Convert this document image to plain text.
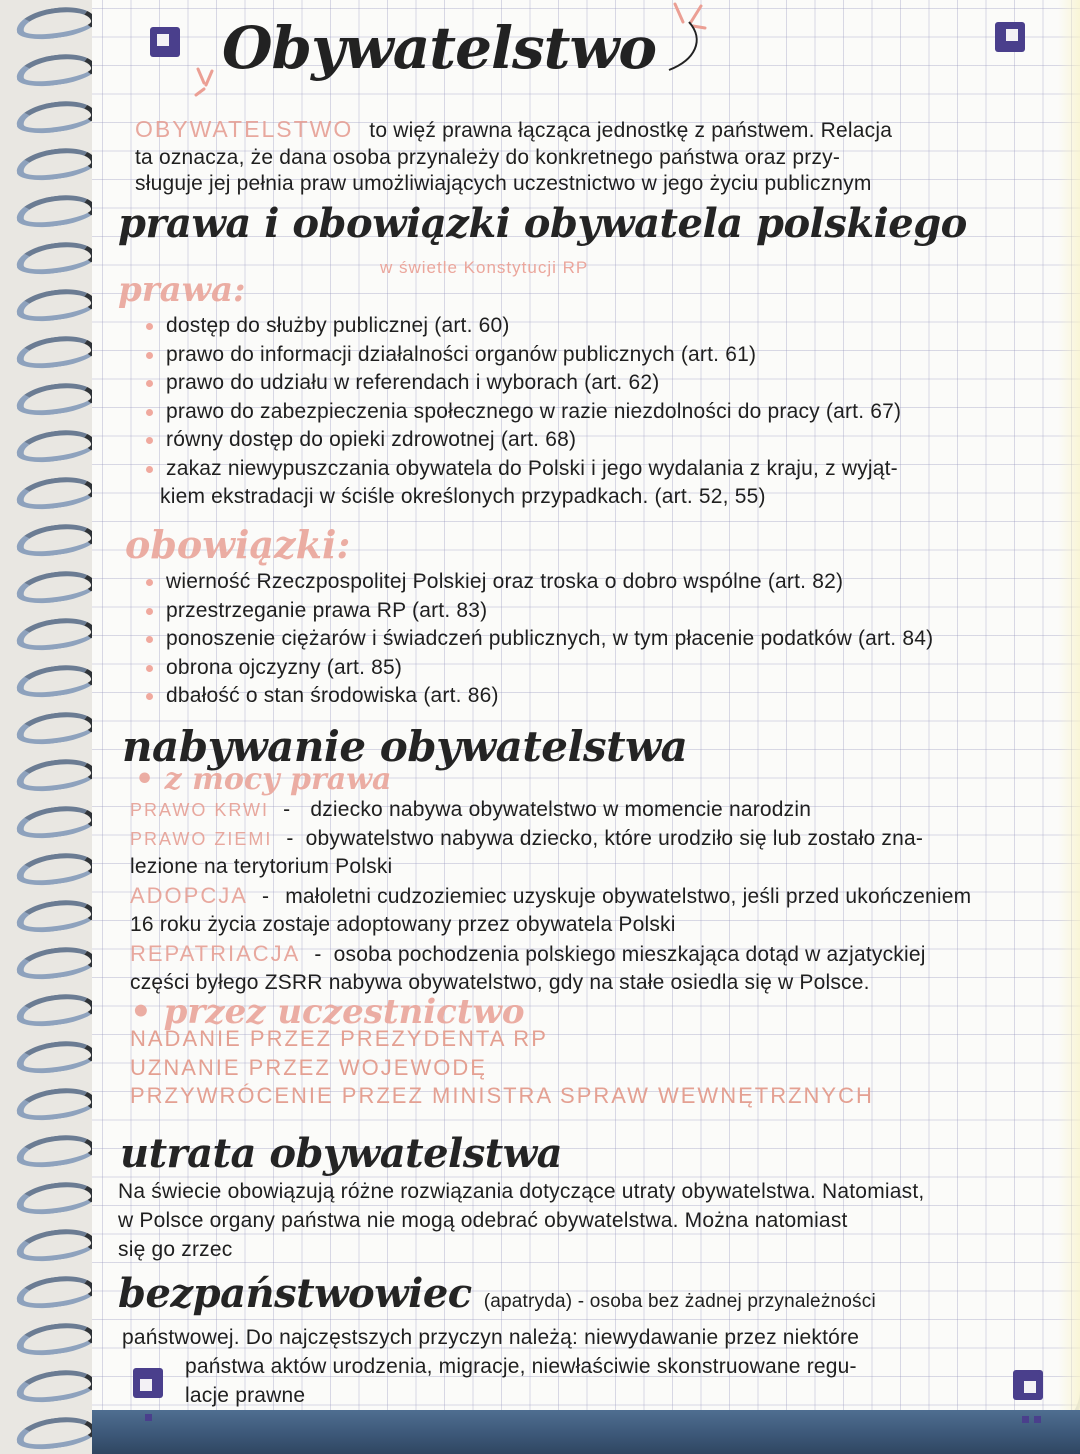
Obywatelstwo
OBYWATELSTWO to więź prawna łącząca jednostkę z państwem. Relacja
ta oznacza, że dana osoba przynależy do konkretnego państwa oraz przy-
sługuje jej pełnia praw umożliwiających uczestnictwo w jego życiu publicznym
prawa i obowiązki obywatela polskiego
w świetle Konstytucji RP
prawa:
dostęp do służby publicznej (art. 60)
prawo do informacji działalności organów publicznych (art. 61)
prawo do udziału w referendach i wyborach (art. 62)
prawo do zabezpieczenia społecznego w razie niezdolności do pracy (art. 67)
równy dostęp do opieki zdrowotnej (art. 68)
zakaz niewypuszczania obywatela do Polski i jego wydalania z kraju, z wyjąt-
kiem ekstradacji w ściśle określonych przypadkach. (art. 52, 55)
obowiązki:
wierność Rzeczpospolitej Polskiej oraz troska o dobro wspólne (art. 82)
przestrzeganie prawa RP (art. 83)
ponoszenie ciężarów i świadczeń publicznych, w tym płacenie podatków (art. 84)
obrona ojczyzny (art. 85)
dbałość o stan środowiska (art. 86)
nabywanie obywatelstwa
• z mocy prawa
PRAWO KRWI - dziecko nabywa obywatelstwo w momencie narodzin
PRAWO ZIEMI - obywatelstwo nabywa dziecko, które urodziło się lub zostało zna-
lezione na terytorium Polski
ADOPCJA - małoletni cudzoziemiec uzyskuje obywatelstwo, jeśli przed ukończeniem
16 roku życia zostaje adoptowany przez obywatela Polski
REPATRIACJA - osoba pochodzenia polskiego mieszkająca dotąd w azjatyckiej
części byłego ZSRR nabywa obywatelstwo, gdy na stałe osiedla się w Polsce.
• przez uczestnictwo
NADANIE PRZEZ PREZYDENTA RP
UZNANIE PRZEZ WOJEWODĘ
PRZYWRÓCENIE PRZEZ MINISTRA SPRAW WEWNĘTRZNYCH
utrata obywatelstwa
Na świecie obowiązują różne rozwiązania dotyczące utraty obywatelstwa. Natomiast,
w Polsce organy państwa nie mogą odebrać obywatelstwa. Można natomiast
się go zrzec
bezpaństwowiec (apatryda) - osoba bez żadnej przynależności
państwowej. Do najczęstszych przyczyn należą: niewydawanie przez niektóre
państwa aktów urodzenia, migracje, niewłaściwie skonstruowane regu-
lacje prawne
